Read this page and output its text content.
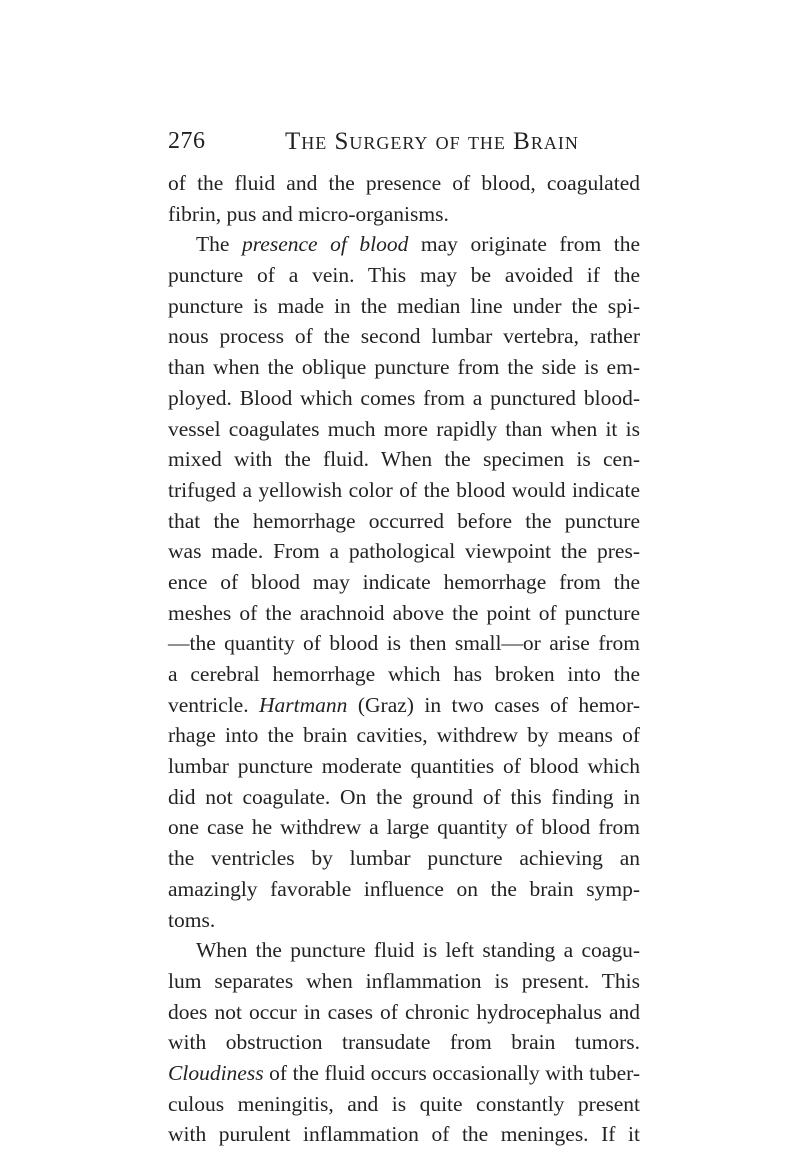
276	The Surgery of the Brain
of the fluid and the presence of blood, coagulated
fibrin, pus and micro-organisms.
The presence of blood may originate from the
puncture of a vein. This may be avoided if the
puncture is made in the median line under the spi-
nous process of the second lumbar vertebra, rather
than when the oblique puncture from the side is em-
ployed. Blood which comes from a punctured blood-
vessel coagulates much more rapidly than when it is
mixed with the fluid. When the specimen is cen-
trifuged a yellowish color of the blood would indicate
that the hemorrhage occurred before the puncture
was made. From a pathological viewpoint the pres-
ence of blood may indicate hemorrhage from the
meshes of the arachnoid above the point of puncture
—the quantity of blood is then small—or arise from
a cerebral hemorrhage which has broken into the
ventricle. Hartmann (Graz) in two cases of hemor-
rhage into the brain cavities, withdrew by means of
lumbar puncture moderate quantities of blood which
did not coagulate. On the ground of this finding in
one case he withdrew a large quantity of blood from
the ventricles by lumbar puncture achieving an
amazingly favorable influence on the brain symp-
toms.
When the puncture fluid is left standing a coagu-
lum separates when inflammation is present. This
does not occur in cases of chronic hydrocephalus and
with obstruction transudate from brain tumors.
Cloudiness of the fluid occurs occasionally with tuber-
culous meningitis, and is quite constantly present
with purulent inflammation of the meninges. If it
